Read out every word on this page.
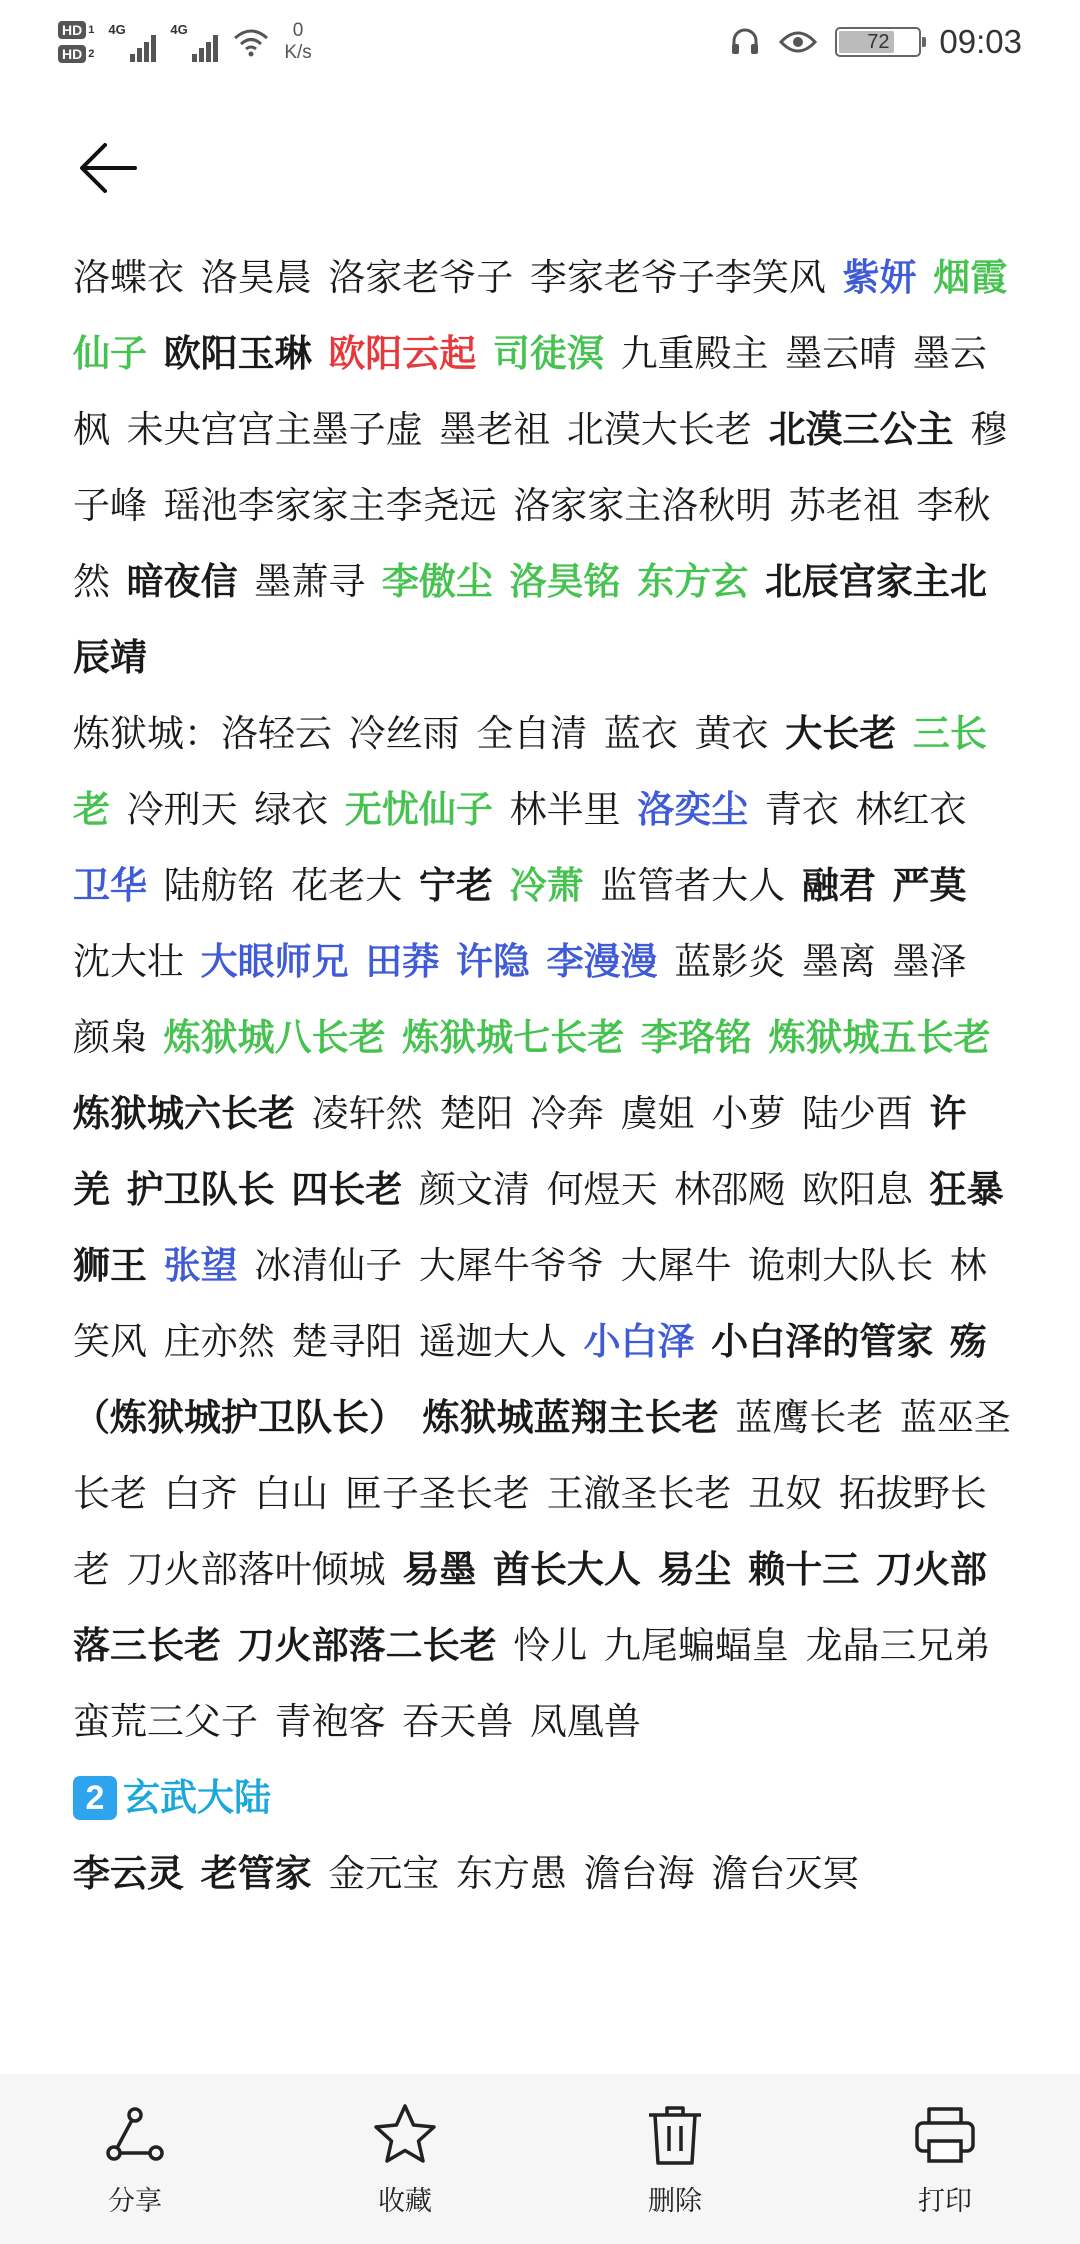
HD 1
HD 2
4G	4G	0
K/s	72 09:03

洛蝶衣 洛昊晨 洛家老爷子 李家老爷子李笑风 紫妍 烟霞仙子 欧阳玉琳 欧阳云起 司徒溟 九重殿主 墨云晴 墨云枫 未央宫宫主墨子虚 墨老祖 北漠大长老 北漠三公主 穆子峰 瑶池李家家主李尧远 洛家家主洛秋明 苏老祖 李秋然 暗夜信 墨萧寻 李傲尘 洛昊铭 东方玄 北辰宫家主北辰靖

炼狱城：洛轻云 冷丝雨 全自清 蓝衣 黄衣 大长老 三长老 冷刑天 绿衣 无忧仙子 林半里 洛奕尘 青衣 林红衣卫华 陆舫铭 花老大 宁老 冷萧 监管者大人 融君 严莫沈大壮 大眼师兄 田莽 许隐 李漫漫 蓝影炎 墨离 墨泽颜枭 炼狱城八长老 炼狱城七长老 李珞铭 炼狱城五长老炼狱城六长老 凌轩然 楚阳 冷奔 虞姐 小萝 陆少酉 许羌 护卫队长 四长老 颜文清 何煜天 林邵飏 欧阳息 狂暴狮王 张望 冰清仙子 大犀牛爷爷 大犀牛 诡刺大队长 林笑风 庄亦然 楚寻阳 遥迦大人 小白泽 小白泽的管家 殇（炼狱城护卫队长） 炼狱城蓝翔主长老 蓝鹰长老 蓝巫圣长老 白齐 白山 匣子圣长老 王澈圣长老 丑奴 拓拔野长老 刀火部落叶倾城 易墨 酋长大人 易尘 赖十三 刀火部落三长老 刀火部落二长老 怜儿 九尾蝙蝠皇 龙晶三兄弟蛮荒三父子 青袍客 吞天兽 凤凰兽

2 玄武大陆

李云灵 老管家 金元宝 东方愚 澹台海 澹台灭冥

分享	收藏	删除	打印
